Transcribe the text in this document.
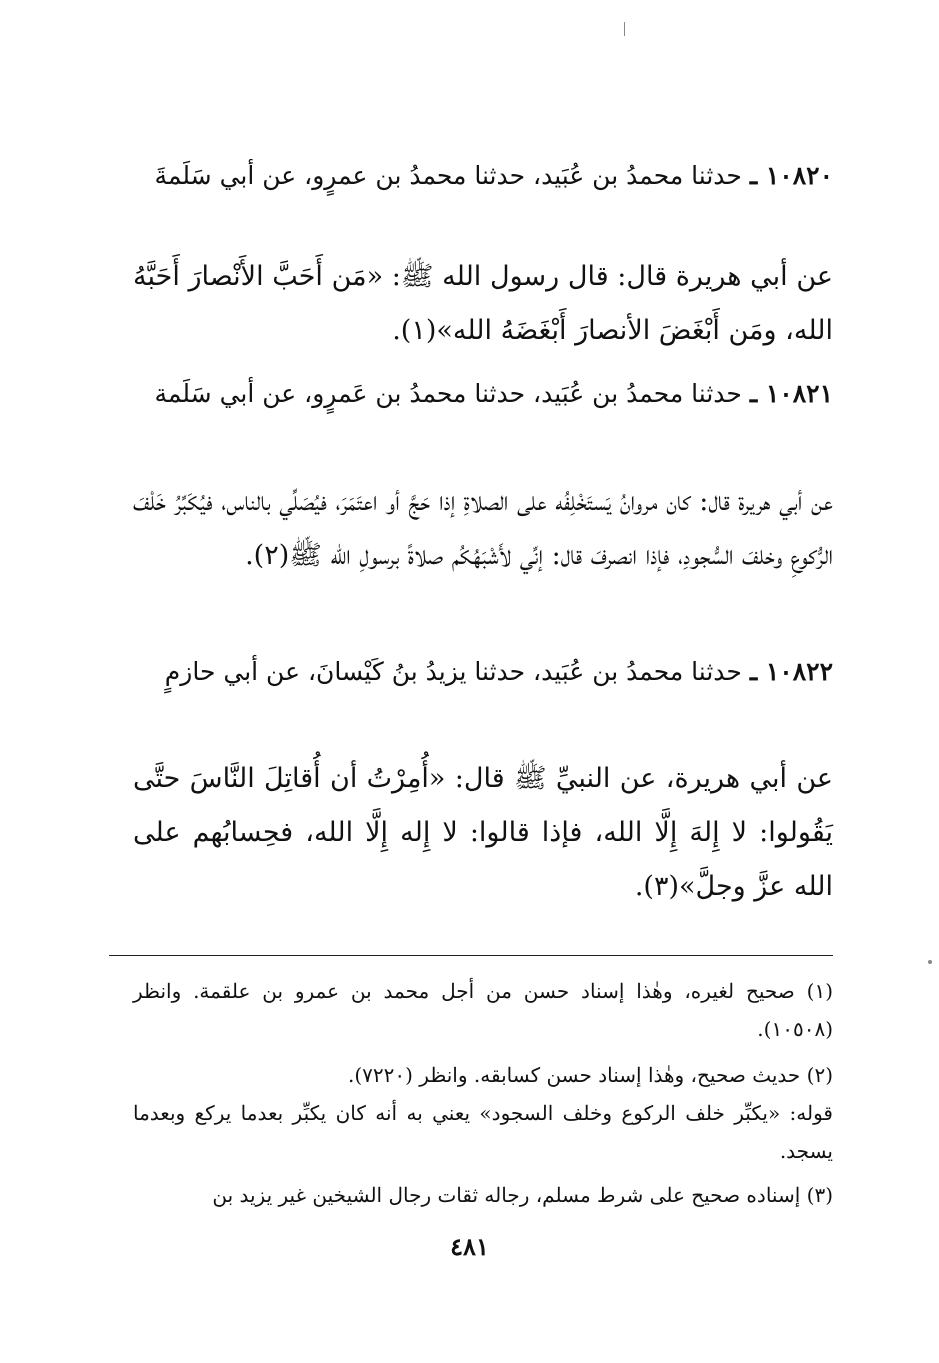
١٠٨٢٠ ـ حدثنا محمدُ بن عُبَيد، حدثنا محمدُ بن عمرٍو، عن أبي سَلَمةَ
عن أبي هريرة قال: قال رسول الله ﷺ: «مَن أَحَبَّ الأَنْصارَ أَحَبَّهُ الله، ومَن أَبْغَضَ الأنصارَ أَبْغَضَهُ الله»(١).
١٠٨٢١ ـ حدثنا محمدُ بن عُبَيد، حدثنا محمدُ بن عَمرٍو، عن أبي سَلَمة
عن أبي هريرة قال: كان مروانُ يَستَخْلِفُه على الصلاةِ إذا حَجَّ أو اعتَمَرَ، فيُصَلِّي بالناس، فيُكَبِّرُ خَلْفَ الرُّكوعِ وخلفَ السُّجودِ، فإذا انصرفَ قال: إنِّي لأَشْبَهُكُم صلاةً برسولِ الله ﷺ(٢).
١٠٨٢٢ ـ حدثنا محمدُ بن عُبَيد، حدثنا يزيدُ بنُ كَيْسانَ، عن أبي حازمٍ
عن أبي هريرة، عن النبيِّ ﷺ قال: «أُمِرْتُ أن أُقاتِلَ النَّاسَ حتَّى يَقُولوا: لا إِلهَ إِلَّا الله، فإذا قالوا: لا إِله إِلَّا الله، فحِسابُهم على الله عزَّ وجلَّ»(٣).
(١) صحيح لغيره، وهٰذا إسناد حسن من أجل محمد بن عمرو بن علقمة. وانظر (١٠٥٠٨).
(٢) حديث صحيح، وهٰذا إسناد حسن كسابقه. وانظر (٧٢٢٠).
قوله: «يكبِّر خلف الركوع وخلف السجود» يعني به أنه كان يكبِّر بعدما يركع وبعدما يسجد.
(٣) إسناده صحيح على شرط مسلم، رجاله ثقات رجال الشيخين غير يزيد بن
٤٨١
